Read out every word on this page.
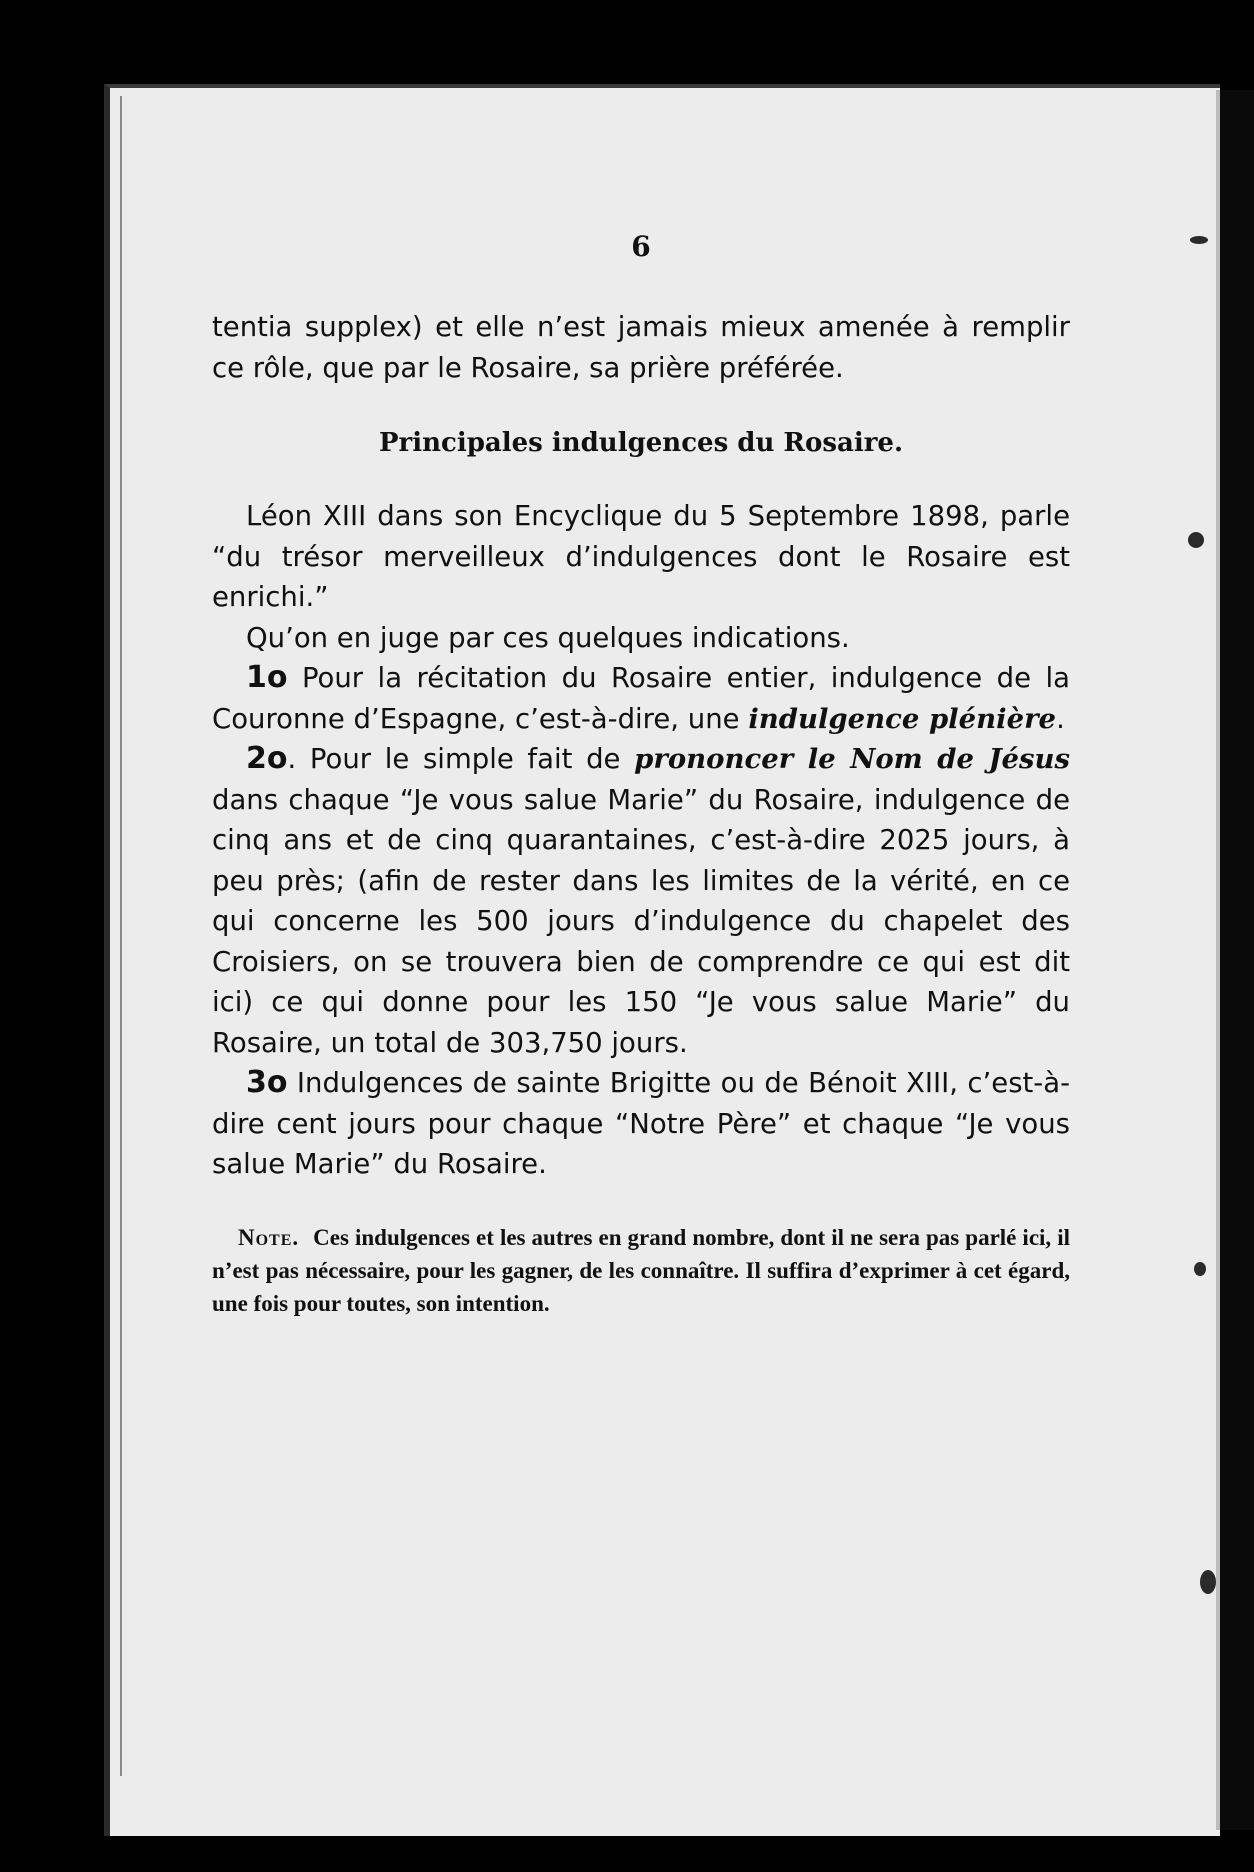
6

tentia supplex) et elle n’est jamais mieux amenée à remplir ce rôle, que par le Rosaire, sa prière préférée.

Principales indulgences du Rosaire.

Léon XIII dans son Encyclique du 5 Septembre 1898, parle “du trésor merveilleux d’indulgences dont le Rosaire est enrichi.”

Qu’on en juge par ces quelques indications.

1o Pour la récitation du Rosaire entier, indulgence de la Couronne d’Espagne, c’est-à-dire, une indulgence plénière.

2o. Pour le simple fait de prononcer le Nom de Jésus dans chaque “Je vous salue Marie” du Rosaire, indulgence de cinq ans et de cinq quarantaines, c’est-à-dire 2025 jours, à peu près; (afin de rester dans les limites de la vérité, en ce qui concerne les 500 jours d’indulgence du chapelet des Croisiers, on se trouvera bien de comprendre ce qui est dit ici) ce qui donne pour les 150 “Je vous salue Marie” du Rosaire, un total de 303,750 jours.

3o Indulgences de sainte Brigitte ou de Bénoit XIII, c’est-à-dire cent jours pour chaque “Notre Père” et chaque “Je vous salue Marie” du Rosaire.

Note. Ces indulgences et les autres en grand nombre, dont il ne sera pas parlé ici, il n’est pas nécessaire, pour les gagner, de les connaître. Il suffira d’exprimer à cet égard, une fois pour toutes, son intention.
